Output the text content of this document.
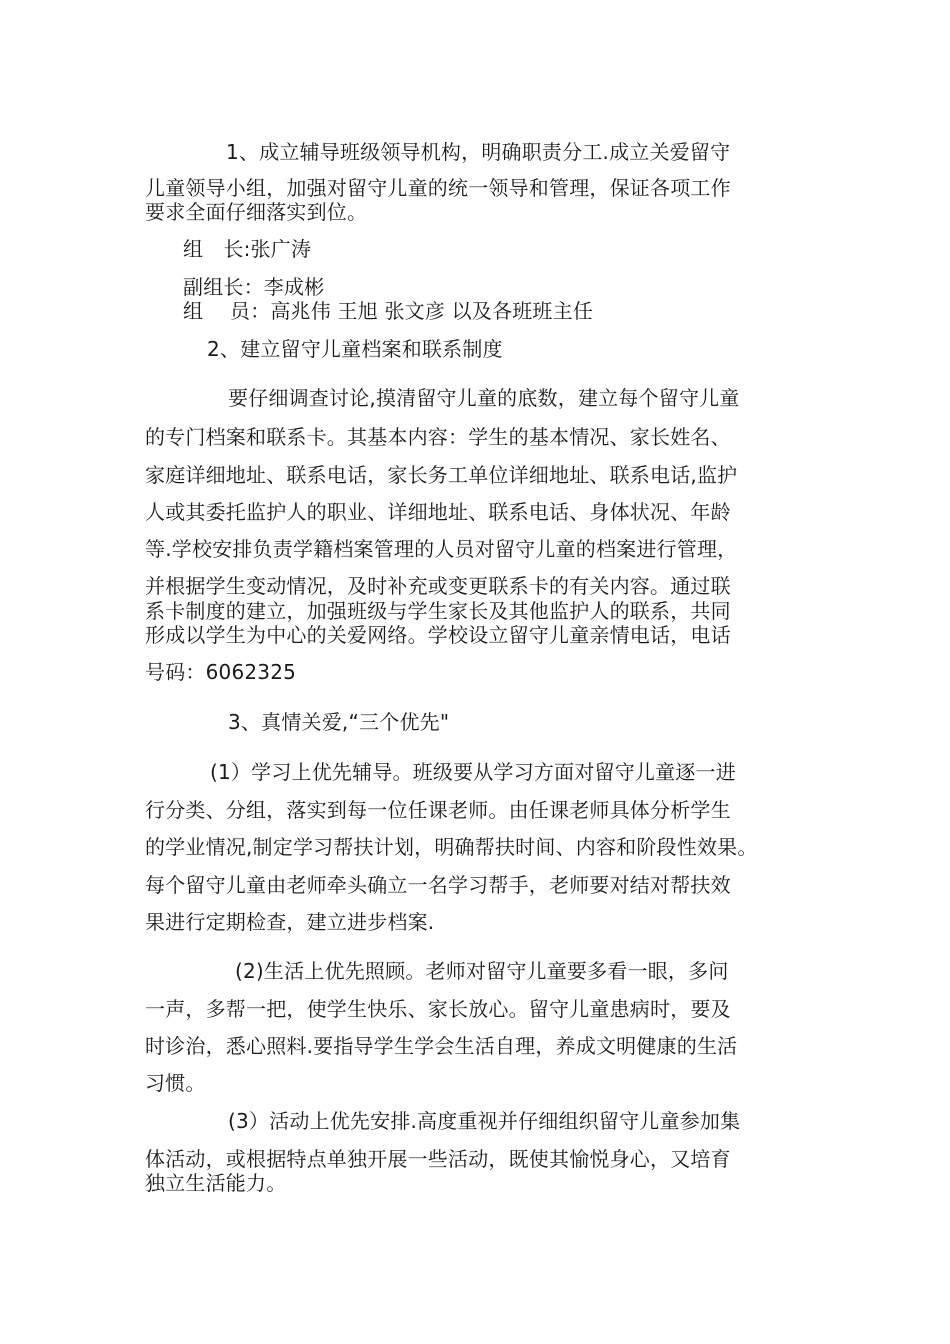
1、成立辅导班级领导机构，明确职责分工.成立关爱留守
儿童领导小组，加强对留守儿童的统一领导和管理，保证各项工作
要求全面仔细落实到位。
组　长:张广涛
副组长：李成彬
组　 员：高兆伟 王旭 张文彦 以及各班班主任
2、建立留守儿童档案和联系制度
要仔细调查讨论,摸清留守儿童的底数，建立每个留守儿童
的专门档案和联系卡。其基本内容：学生的基本情况、家长姓名、
家庭详细地址、联系电话，家长务工单位详细地址、联系电话,监护
人或其委托监护人的职业、详细地址、联系电话、身体状况、年龄
等.学校安排负责学籍档案管理的人员对留守儿童的档案进行管理，
并根据学生变动情况，及时补充或变更联系卡的有关内容。通过联
系卡制度的建立，加强班级与学生家长及其他监护人的联系，共同
形成以学生为中心的关爱网络。学校设立留守儿童亲情电话，电话
号码：6062325
3、真情关爱,“三个优先"
(1）学习上优先辅导。班级要从学习方面对留守儿童逐一进
行分类、分组，落实到每一位任课老师。由任课老师具体分析学生
的学业情况,制定学习帮扶计划，明确帮扶时间、内容和阶段性效果。
每个留守儿童由老师牵头确立一名学习帮手，老师要对结对帮扶效
果进行定期检查，建立进步档案.
(2)生活上优先照顾。老师对留守儿童要多看一眼，多问
一声，多帮一把，使学生快乐、家长放心。留守儿童患病时，要及
时诊治，悉心照料.要指导学生学会生活自理，养成文明健康的生活
习惯。
(3）活动上优先安排.高度重视并仔细组织留守儿童参加集
体活动，或根据特点单独开展一些活动，既使其愉悦身心，又培育
独立生活能力。
